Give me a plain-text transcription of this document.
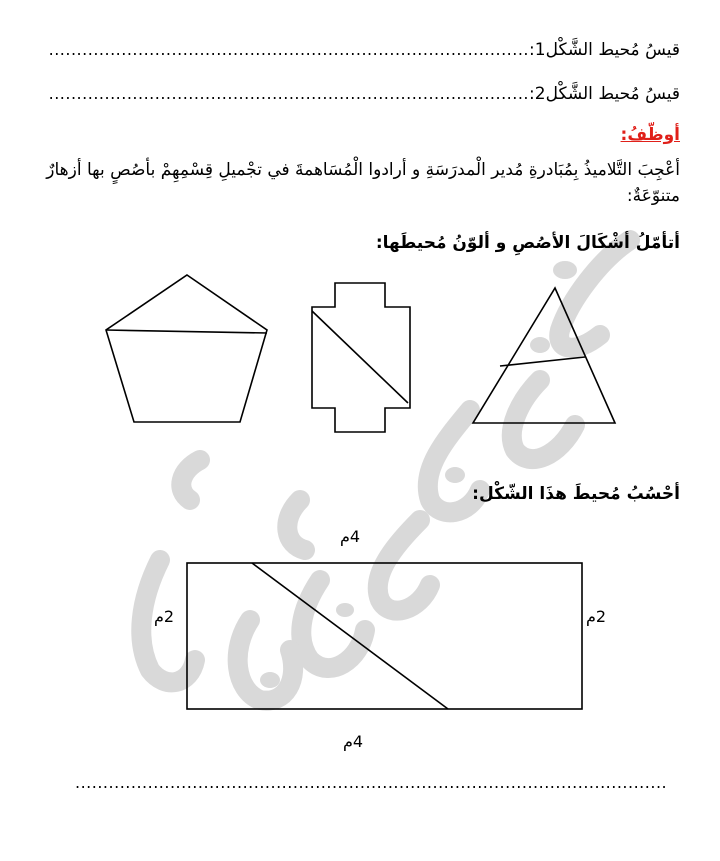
قيسُ مُحيط الشَّكْل1:......................................................................................
قيسُ مُحيط الشَّكْل2:......................................................................................
أوظّفُ:
أعْجِبَ التَّلاميذُ بِمُبَادرةِ مُدير الْمدرَسَةِ و أرادوا الْمُسَاهمةَ في تجْميلِ قِسْمِهِمْ بأصُصٍ بها أزهارٌ متنوّعَةٌ:
أتأمّلُ أشْكَالَ الأصُصِ و ألوّنُ مُحيطَها:
أحْسُبُ مُحيطَ هذَا الشّكْل:
4م
2م	2م
4م
..........................................................................................................
